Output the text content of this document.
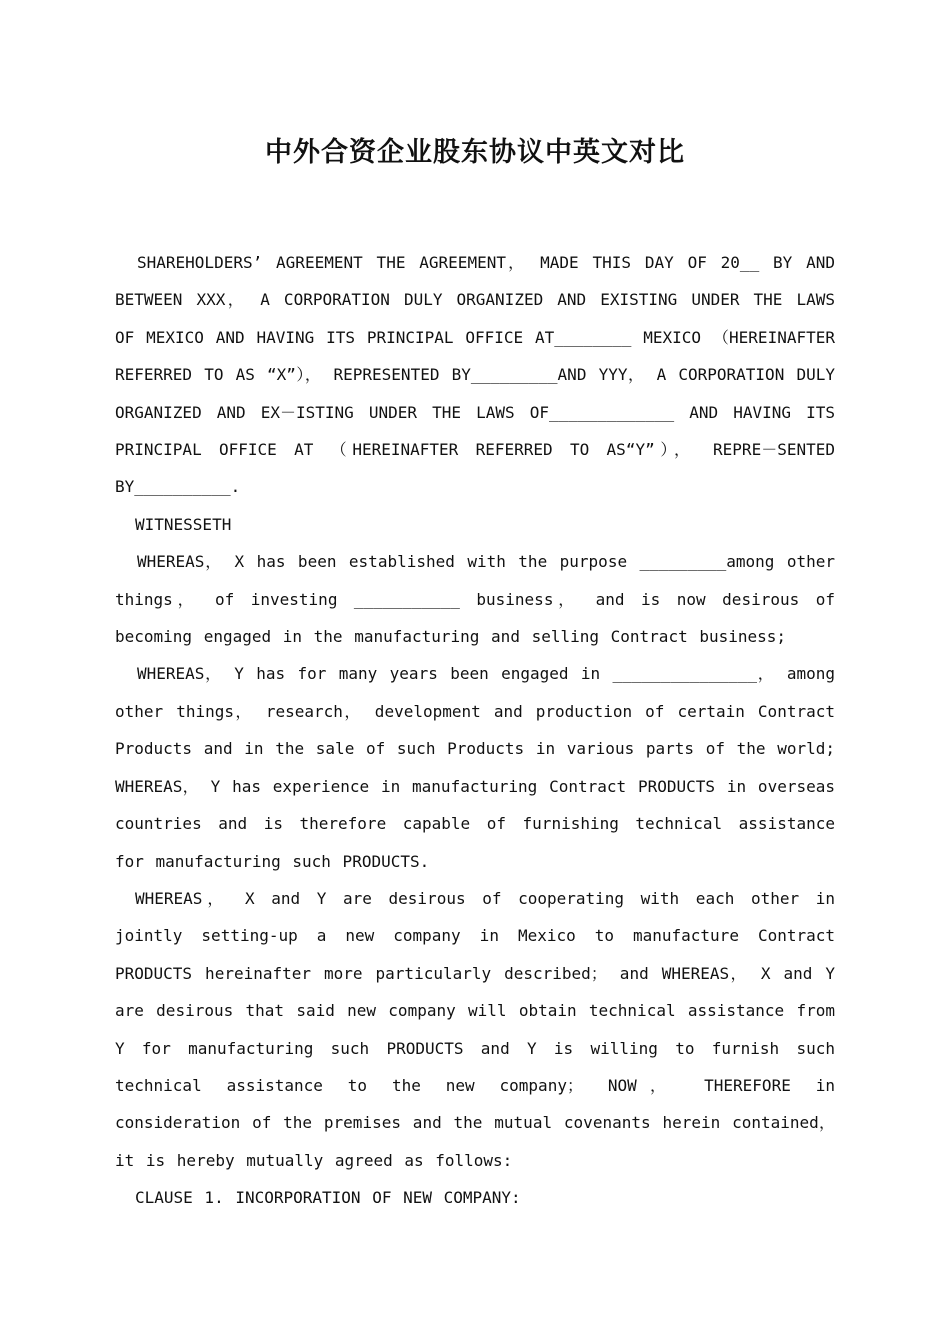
中外合资企业股东协议中英文对比

SHAREHOLDERS’ AGREEMENT THE AGREEMENT， MADE THIS DAY OF 20__ BY AND BETWEEN XXX， A CORPORATION DULY ORGANIZED AND EXISTING UNDER THE LAWS OF MEXICO AND HAVING ITS PRINCIPAL OFFICE AT________ MEXICO （HEREINAFTER REFERRED TO AS “X”）， REPRESENTED BY_________AND YYY， A CORPORATION DULY ORGANIZED AND EX－ISTING UNDER THE LAWS OF_____________ AND HAVING ITS PRINCIPAL OFFICE AT （HEREINAFTER REFERRED TO AS“Y”）， REPRE－SENTED BY__________.

WITNESSETH

WHEREAS， X has been established with the purpose _________among other things， of investing ___________ business， and is now desirous of becoming engaged in the manufacturing and selling Contract business;

WHEREAS， Y has for many years been engaged in _______________， among other things， research， development and production of certain Contract Products and in the sale of such Products in various parts of the world; WHEREAS， Y has experience in manufacturing Contract PRODUCTS in overseas countries and is therefore capable of furnishing technical assistance for manufacturing such PRODUCTS.

WHEREAS， X and Y are desirous of cooperating with each other in jointly setting-up a new company in Mexico to manufacture Contract PRODUCTS hereinafter more particularly described； and WHEREAS， X and Y are desirous that said new company will obtain technical assistance from Y for manufacturing such PRODUCTS and Y is willing to furnish such technical assistance to the new company； NOW， THEREFORE in consideration of the premises and the mutual covenants herein contained， it is hereby mutually agreed as follows:

CLAUSE 1. INCORPORATION OF NEW COMPANY:
